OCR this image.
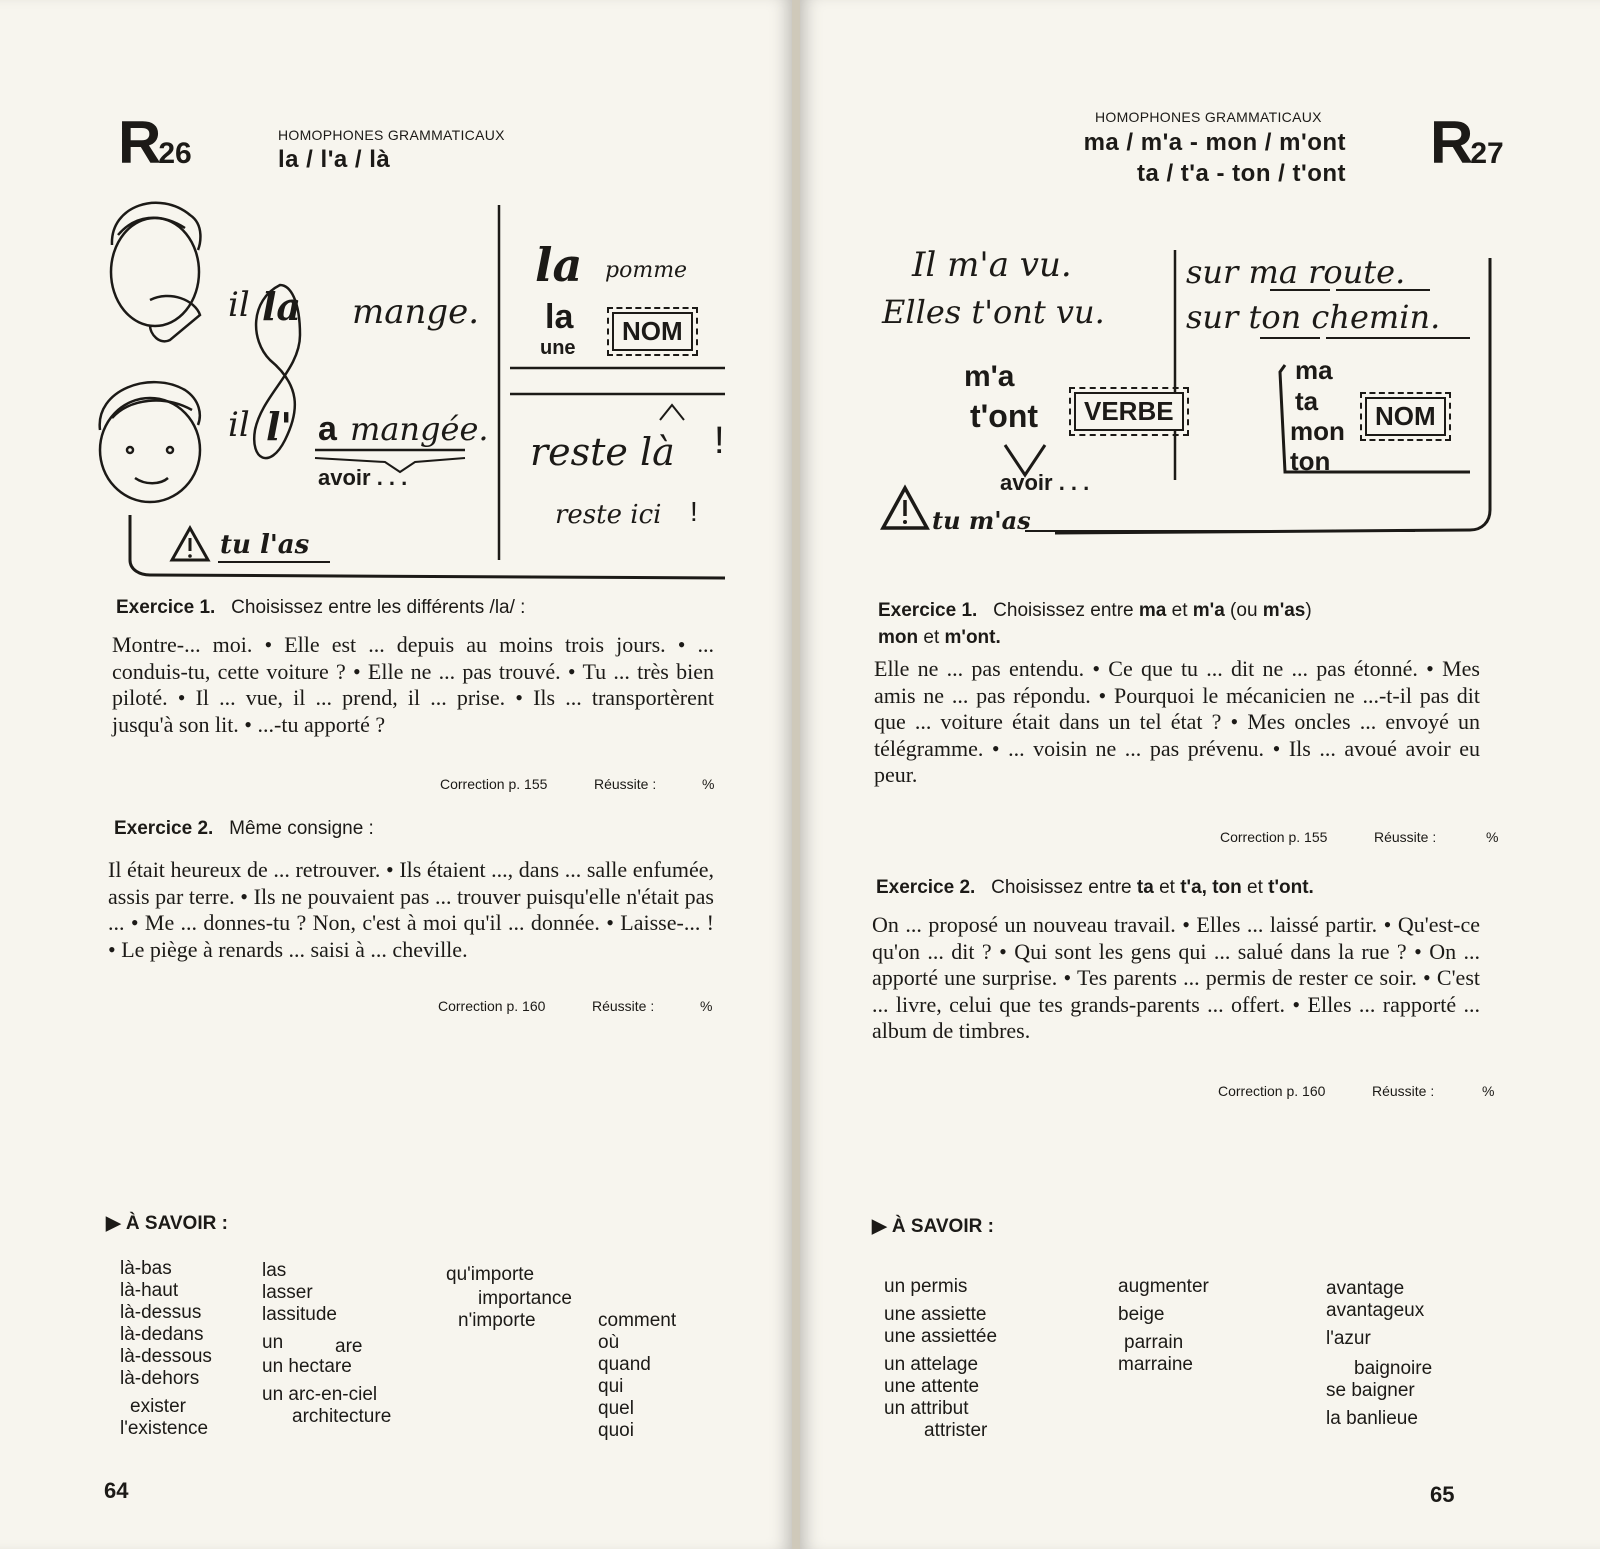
R26
HOMOPHONES GRAMMATICAUX
la / l'a / là
il la mange.
il l' a mangée.
avoir . . .
tu l'as
la pomme
la
une
NOM
reste là !
reste ici !
Exercice 1. Choisissez entre les différents /la/ :
Montre-... moi. • Elle est ... depuis au moins trois jours. • ... conduis-tu, cette voiture ? • Elle ne ... pas trouvé. • Tu ... très bien piloté. • Il ... vue, il ... prend, il ... prise. • Ils ... transportèrent jusqu'à son lit. • ...-tu apporté ?
Correction p. 155	Réussite :	%
Exercice 2. Même consigne :
Il était heureux de ... retrouver. • Ils étaient ..., dans ... salle enfumée, assis par terre. • Ils ne pouvaient pas ... trouver puisqu'elle n'était pas ... • Me ... donnes-tu ? Non, c'est à moi qu'il ... donnée. • Laisse-... ! • Le piège à renards ... saisi à ... cheville.
Correction p. 160	Réussite :	%
▶ À SAVOIR :
là-bas
là-haut
là-dessus
là-dedans
là-dessous
là-dehors
exister
l'existence
las
lasser
lassitude
un	are
un hectare
un arc-en-ciel
architecture
qu'importe
importance
n'importe	comment
où
quand
qui
quel
quoi
64
HOMOPHONES GRAMMATICAUX
ma / m'a - mon / m'ont
ta / t'a - ton / t'ont R27
Il m'a vu.
Elles t'ont vu.
sur ma route.
sur ton chemin.
m'a
t'ont	VERBE
avoir . . .
tu m'as
ma
ta
mon
ton
NOM
Exercice 1. Choisissez entre ma et m'a (ou m'as)
mon et m'ont.
Elle ne ... pas entendu. • Ce que tu ... dit ne ... pas étonné. • Mes amis ne ... pas répondu. • Pourquoi le mécanicien ne ...-t-il pas dit que ... voiture était dans un tel état ? • Mes oncles ... envoyé un télégramme. • ... voisin ne ... pas prévenu. • Ils ... avoué avoir eu peur.
Correction p. 155	Réussite :	%
Exercice 2. Choisissez entre ta et t'a, ton et t'ont.
On ... proposé un nouveau travail. • Elles ... laissé partir. • Qu'est-ce qu'on ... dit ? • Qui sont les gens qui ... salué dans la rue ? • On ... apporté une surprise. • Tes parents ... permis de rester ce soir. • C'est ... livre, celui que tes grands-parents ... offert. • Elles ... rapporté ... album de timbres.
Correction p. 160	Réussite :	%
▶ À SAVOIR :
un permis
une assiette
une assiettée
un attelage
une attente
un attribut
attrister
augmenter
beige
parrain
marraine
avantage
avantageux
l'azur
baignoire
se baigner
la banlieue
65
